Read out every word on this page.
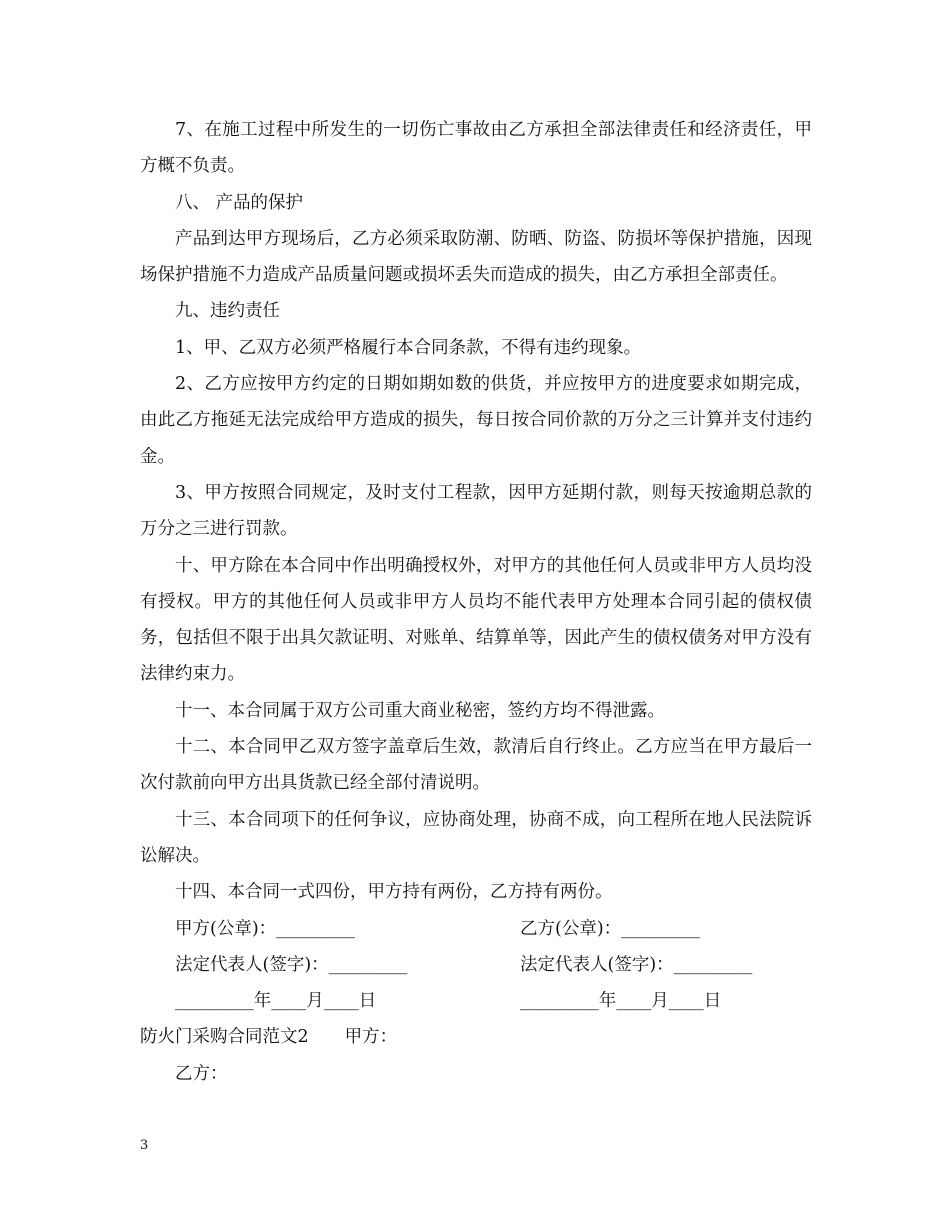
7、在施工过程中所发生的一切伤亡事故由乙方承担全部法律责任和经济责任，甲方概不负责。

八、 产品的保护

产品到达甲方现场后，乙方必须采取防潮、防晒、防盗、防损坏等保护措施，因现场保护措施不力造成产品质量问题或损坏丢失而造成的损失，由乙方承担全部责任。

九、违约责任

1、甲、乙双方必须严格履行本合同条款，不得有违约现象。

2、乙方应按甲方约定的日期如期如数的供货，并应按甲方的进度要求如期完成，由此乙方拖延无法完成给甲方造成的损失，每日按合同价款的万分之三计算并支付违约金。

3、甲方按照合同规定，及时支付工程款，因甲方延期付款，则每天按逾期总款的万分之三进行罚款。

十、甲方除在本合同中作出明确授权外，对甲方的其他任何人员或非甲方人员均没有授权。甲方的其他任何人员或非甲方人员均不能代表甲方处理本合同引起的债权债务，包括但不限于出具欠款证明、对账单、结算单等，因此产生的债权债务对甲方没有法律约束力。

十一、本合同属于双方公司重大商业秘密，签约方均不得泄露。

十二、本合同甲乙双方签字盖章后生效，款清后自行终止。乙方应当在甲方最后一次付款前向甲方出具货款已经全部付清说明。

十三、本合同项下的任何争议，应协商处理，协商不成，向工程所在地人民法院诉讼解决。

十四、本合同一式四份，甲方持有两份，乙方持有两份。

甲方(公章)：_________	乙方(公章)：_________
法定代表人(签字)：_________	法定代表人(签字)：_________
_________年____月____日	_________年____月____日

防火门采购合同范文2 甲方：

乙方：

3
